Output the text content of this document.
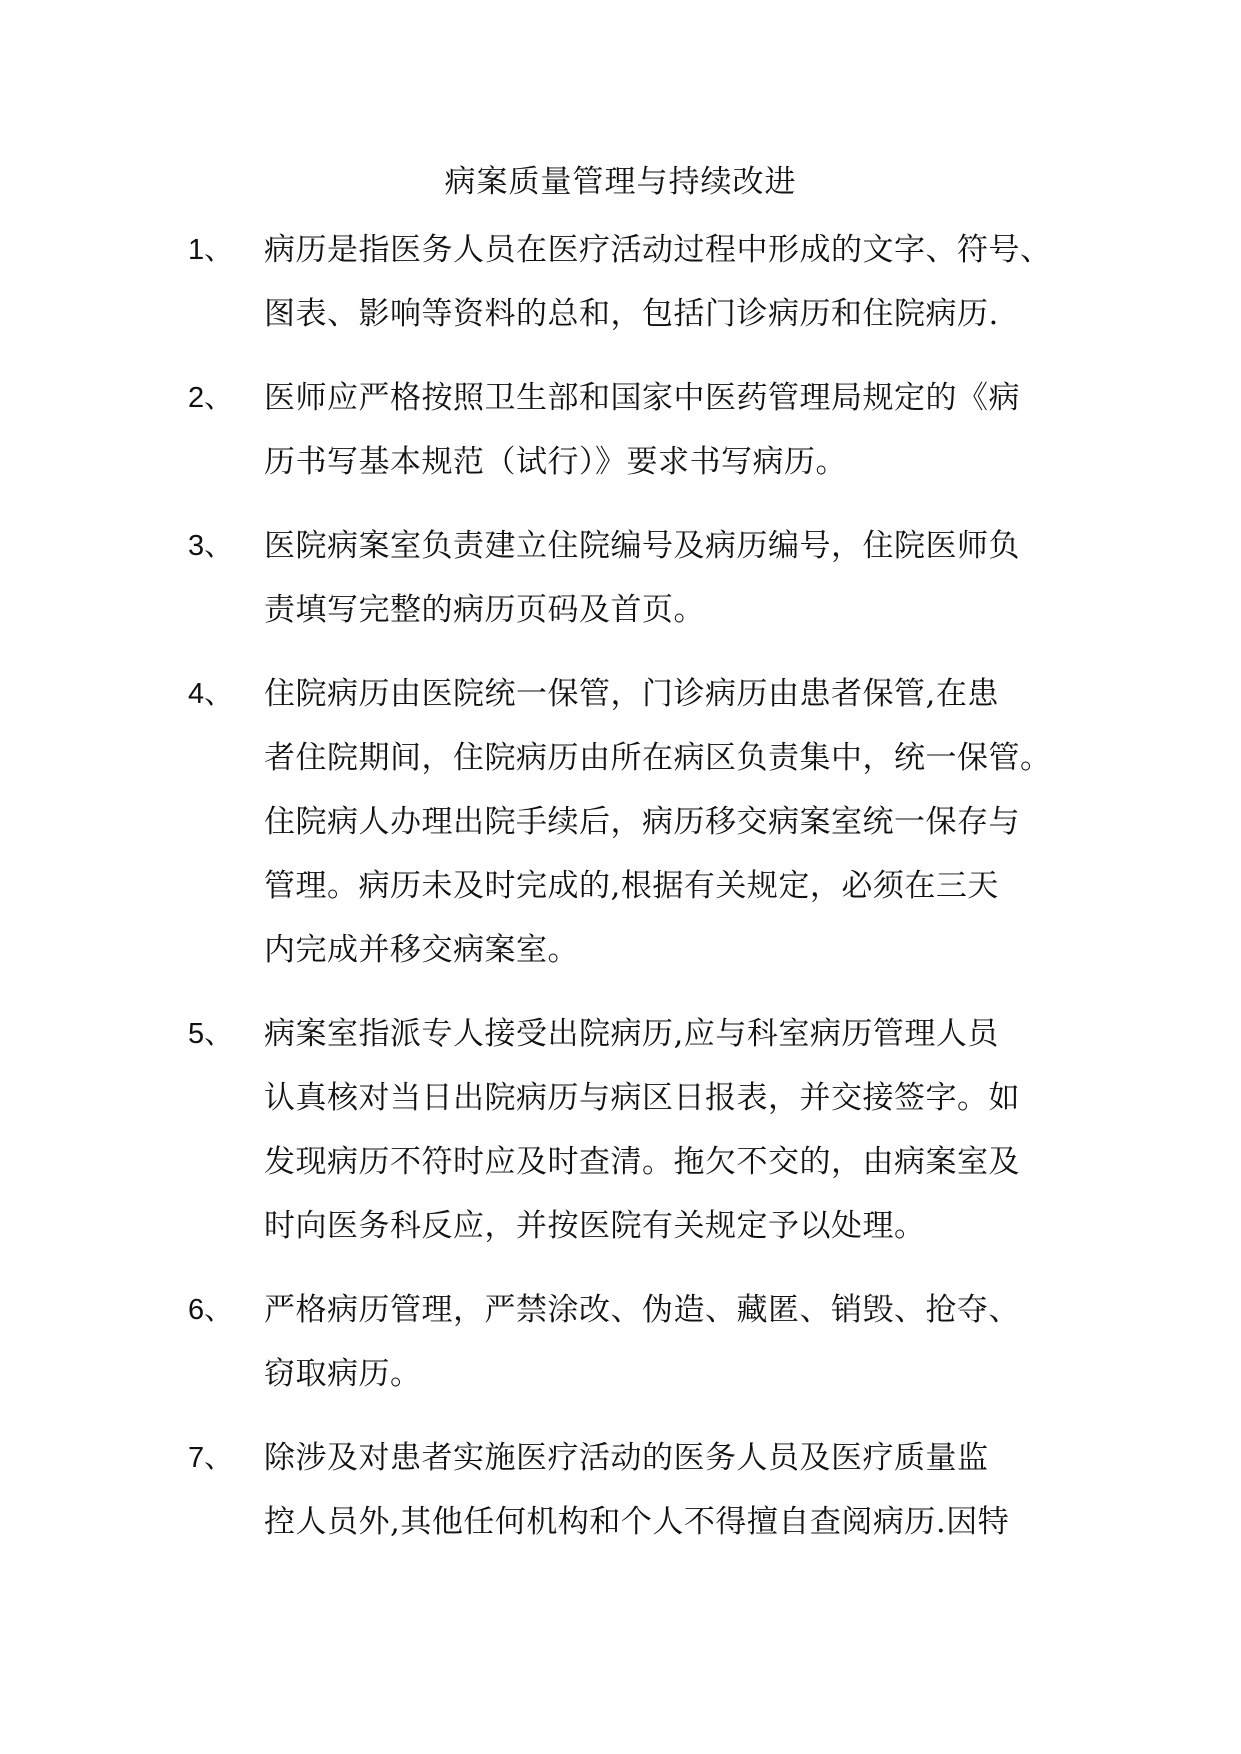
病案质量管理与持续改进
1、 病历是指医务人员在医疗活动过程中形成的文字、符号、
图表、影响等资料的总和，包括门诊病历和住院病历.
2、 医师应严格按照卫生部和国家中医药管理局规定的《病
历书写基本规范（试行）》要求书写病历。
3、 医院病案室负责建立住院编号及病历编号，住院医师负
责填写完整的病历页码及首页。
4、 住院病历由医院统一保管，门诊病历由患者保管,在患
者住院期间，住院病历由所在病区负责集中，统一保管。
住院病人办理出院手续后，病历移交病案室统一保存与
管理。病历未及时完成的,根据有关规定，必须在三天
内完成并移交病案室。
5、 病案室指派专人接受出院病历,应与科室病历管理人员
认真核对当日出院病历与病区日报表，并交接签字。如
发现病历不符时应及时查清。拖欠不交的，由病案室及
时向医务科反应，并按医院有关规定予以处理。
6、 严格病历管理，严禁涂改、伪造、藏匿、销毁、抢夺、
窃取病历。
7、 除涉及对患者实施医疗活动的医务人员及医疗质量监
控人员外,其他任何机构和个人不得擅自查阅病历.因特
